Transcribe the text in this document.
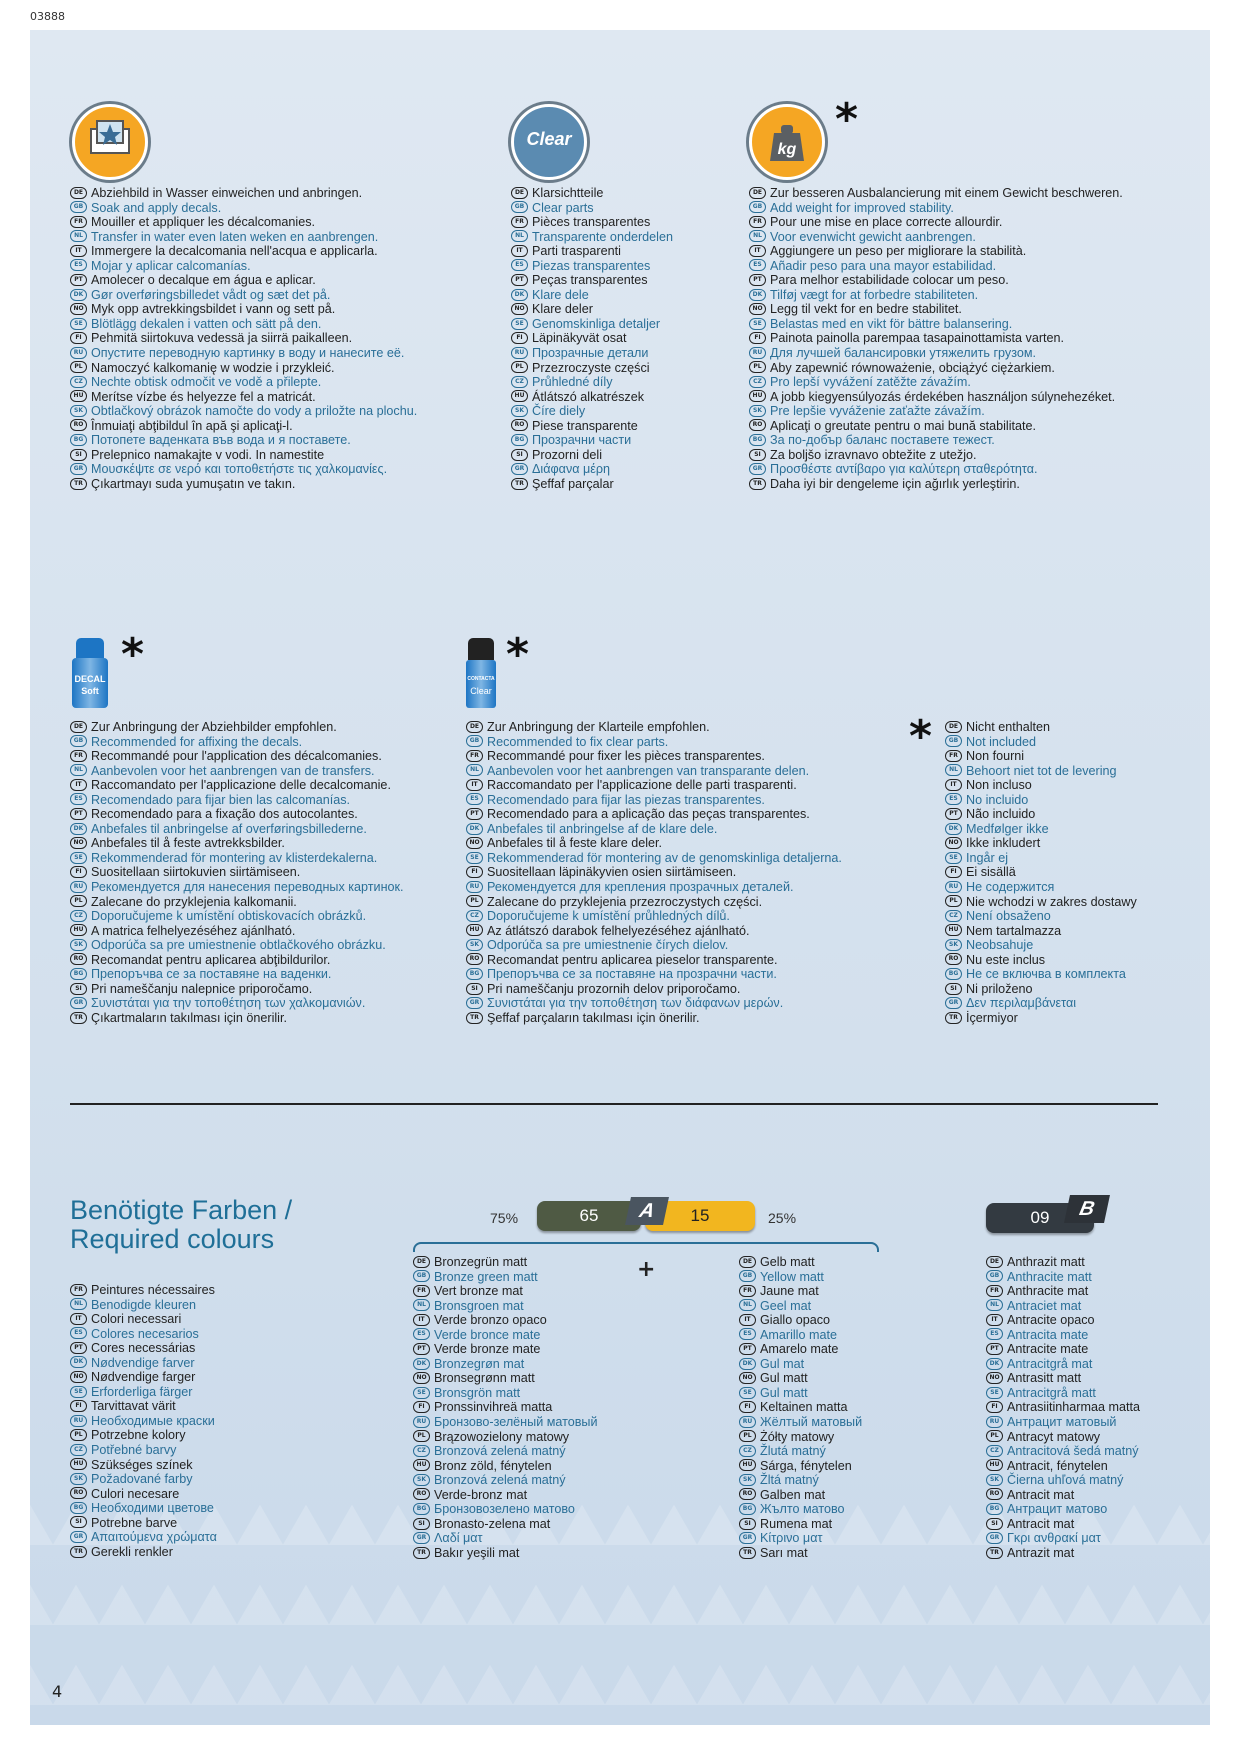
03888
Clear
kg
*
DECAL
Soft
*	CONTACTA
Clear
*
*
DE Abziehbild in Wasser einweichen und anbringen.
GB Soak and apply decals.
FR Mouiller et appliquer les décalcomanies.
NL Transfer in water even laten weken en aanbrengen.
IT Immergere la decalcomania nell'acqua e applicarla.
ES Mojar y aplicar calcomanías.
PT Amolecer o decalque em água e aplicar.
DK Gør overføringsbilledet vådt og sæt det på.
NO Myk opp avtrekkingsbildet i vann og sett på.
SE Blötlägg dekalen i vatten och sätt på den.
FI Pehmitä siirtokuva vedessä ja siirrä paikalleen.
RU Опустите переводную картинку в воду и нанесите её.
PL Namoczyć kalkomanię w wodzie i przykleić.
CZ Nechte obtisk odmočit ve vodě a přilepte.
HU Merítse vízbe és helyezze fel a matricát.
SK Obtlačkový obrázok namočte do vody a priložte na plochu.
RO Înmuiaţi abţibildul în apă şi aplicaţi-l.
BG Потопете ваденката във вода и я поставете.
SI Prelepnico namakajte v vodi. In namestite
GR Μουσκέψτε σε νερό και τοποθετήστε τις χαλκομανίες.
TR Çıkartmayı suda yumuşatın ve takın.
DE Klarsichtteile
GB Clear parts
FR Pièces transparentes
NL Transparente onderdelen
IT Parti trasparenti
ES Piezas transparentes
PT Peças transparentes
DK Klare dele
NO Klare deler
SE Genomskinliga detaljer
FI Läpinäkyvät osat
RU Прозрачные детали
PL Przezroczyste części
CZ Průhledné díly
HU Átlátszó alkatrészek
SK Číre diely
RO Piese transparente
BG Прозрачни части
SI Prozorni deli
GR Διάφανα μέρη
TR Şeffaf parçalar
DE Zur besseren Ausbalancierung mit einem Gewicht beschweren.
GB Add weight for improved stability.
FR Pour une mise en place correcte allourdir.
NL Voor evenwicht gewicht aanbrengen.
IT Aggiungere un peso per migliorare la stabilità.
ES Añadir peso para una mayor estabilidad.
PT Para melhor estabilidade colocar um peso.
DK Tilføj vægt for at forbedre stabiliteten.
NO Legg til vekt for en bedre stabilitet.
SE Belastas med en vikt för bättre balansering.
FI Painota painolla parempaa tasapainottamista varten.
RU Для лучшей балансировки утяжелить грузом.
PL Aby zapewnić równoważenie, obciążyć ciężarkiem.
CZ Pro lepší vyvážení zatěžte závažím.
HU A jobb kiegyensúlyozás érdekében használjon súlynehezéket.
SK Pre lepšie vyváženie zaťažte závažím.
RO Aplicaţi o greutate pentru o mai bună stabilitate.
BG За по-добър баланс поставете тежест.
SI Za boljšo izravnavo obtežite z utežjo.
GR Προσθέστε αντίβαρο για καλύτερη σταθερότητα.
TR Daha iyi bir dengeleme için ağırlık yerleştirin.
DE Zur Anbringung der Abziehbilder empfohlen.
GB Recommended for affixing the decals.
FR Recommandé pour l'application des décalcomanies.
NL Aanbevolen voor het aanbrengen van de transfers.
IT Raccomandato per l'applicazione delle decalcomanie.
ES Recomendado para fijar bien las calcomanías.
PT Recomendado para a fixação dos autocolantes.
DK Anbefales til anbringelse af overføringsbillederne.
NO Anbefales til å feste avtrekksbilder.
SE Rekommenderad för montering av klisterdekalerna.
FI Suositellaan siirtokuvien siirtämiseen.
RU Рекомендуется для нанесения переводных картинок.
PL Zalecane do przyklejenia kalkomanii.
CZ Doporučujeme k umístění obtiskovacích obrázků.
HU A matrica felhelyezéséhez ajánlható.
SK Odporúča sa pre umiestnenie obtlačkového obrázku.
RO Recomandat pentru aplicarea abţibildurilor.
BG Препоръчва се за поставяне на ваденки.
SI Pri nameščanju nalepnice priporočamo.
GR Συνιστάται για την τοποθέτηση των χαλκομανιών.
TR Çıkartmaların takılması için önerilir.
DE Zur Anbringung der Klarteile empfohlen.
GB Recommended to fix clear parts.
FR Recommandé pour fixer les pièces transparentes.
NL Aanbevolen voor het aanbrengen van transparante delen.
IT Raccomandato per l'applicazione delle parti trasparenti.
ES Recomendado para fijar las piezas transparentes.
PT Recomendado para a aplicação das peças transparentes.
DK Anbefales til anbringelse af de klare dele.
NO Anbefales til å feste klare deler.
SE Rekommenderad för montering av de genomskinliga detaljerna.
FI Suositellaan läpinäkyvien osien siirtämiseen.
RU Рекомендуется для крепления прозрачных деталей.
PL Zalecane do przyklejenia przezroczystych części.
CZ Doporučujeme k umístění průhledných dílů.
HU Az átlátszó darabok felhelyezéséhez ajánlható.
SK Odporúča sa pre umiestnenie čírych dielov.
RO Recomandat pentru aplicarea pieselor transparente.
BG Препоръчва се за поставяне на прозрачни части.
SI Pri nameščanju prozornih delov priporočamo.
GR Συνιστάται για την τοποθέτηση των διάφανων μερών.
TR Şeffaf parçaların takılması için önerilir.
DE Nicht enthalten
GB Not included
FR Non fourni
NL Behoort niet tot de levering
IT Non incluso
ES No incluido
PT Não incluido
DK Medfølger ikke
NO Ikke inkludert
SE Ingår ej
FI Ei sisällä
RU Не содержится
PL Nie wchodzi w zakres dostawy
CZ Není obsaženo
HU Nem tartalmazza
SK Neobsahuje
RO Nu este inclus
BG Не се включва в комплекта
SI Ni priloženo
GR Δεν περιλαμβάνεται
TR İçermiyor
Benötigte Farben /
Required colours
FR Peintures nécessaires
NL Benodigde kleuren
IT Colori necessari
ES Colores necesarios
PT Cores necessárias
DK Nødvendige farver
NO Nødvendige farger
SE Erforderliga färger
FI Tarvittavat värit
RU Необходимые краски
PL Potrzebne kolory
CZ Potřebné barvy
HU Szükséges színek
SK Požadované farby
RO Culori necesare
BG Необходими цветове
SI Potrebne barve
GR Απαιτούμενα χρώματα
TR Gerekli renkler
75%	65	15
A	25%
+
DE Bronzegrün matt
GB Bronze green matt
FR Vert bronze mat
NL Bronsgroen mat
IT Verde bronzo opaco
ES Verde bronce mate
PT Verde bronze mate
DK Bronzegrøn mat
NO Bronsegrønn matt
SE Bronsgrön matt
FI Pronssinvihreä matta
RU Бронзово-зелёный матовый
PL Brązowozielony matowy
CZ Bronzová zelená matný
HU Bronz zöld, fénytelen
SK Bronzová zelená matný
RO Verde-bronz mat
BG Бронзовозелено матово
SI Bronasto-zelena mat
GR Λαδί ματ
TR Bakır yeşili mat
DE Gelb matt
GB Yellow matt
FR Jaune mat
NL Geel mat
IT Giallo opaco
ES Amarillo mate
PT Amarelo mate
DK Gul mat
NO Gul matt
SE Gul matt
FI Keltainen matta
RU Жёлтый матовый
PL Żółty matowy
CZ Žlutá matný
HU Sárga, fénytelen
SK Žltá matný
RO Galben mat
BG Жълто матово
SI Rumena mat
GR Κίτρινο ματ
TR Sarı mat
09	B
DE Anthrazit matt
GB Anthracite matt
FR Anthracite mat
NL Antraciet mat
IT Antracite opaco
ES Antracita mate
PT Antracite mate
DK Antracitgrå mat
NO Antrasitt matt
SE Antracitgrå matt
FI Antrasiitinharmaa matta
RU Антрацит матовый
PL Antracyt matowy
CZ Antracitová šedá matný
HU Antracit, fénytelen
SK Čierna uhľová matný
RO Antracit mat
BG Антрацит матово
SI Antracit mat
GR Γκρι ανθρακί ματ
TR Antrazit mat
4
